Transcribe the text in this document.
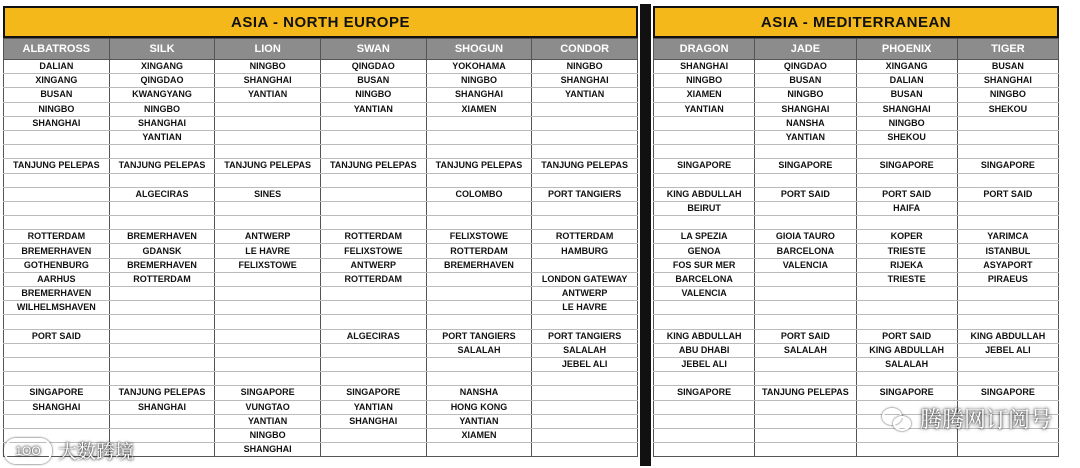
ASIA - NORTH EUROPE
ALBATROSS	SILK	LION	SWAN	SHOGUN	CONDOR
DALIAN	XINGANG	NINGBO	QINGDAO	YOKOHAMA	NINGBO
XINGANG	QINGDAO	SHANGHAI	BUSAN	NINGBO	SHANGHAI
BUSAN	KWANGYANG	YANTIAN	NINGBO	SHANGHAI	YANTIAN
NINGBO	NINGBO		YANTIAN	XIAMEN	
SHANGHAI	SHANGHAI				
	YANTIAN				

TANJUNG PELEPAS	TANJUNG PELEPAS	TANJUNG PELEPAS	TANJUNG PELEPAS	TANJUNG PELEPAS	TANJUNG PELEPAS

	ALGECIRAS	SINES		COLOMBO	PORT TANGIERS

ROTTERDAM	BREMERHAVEN	ANTWERP	ROTTERDAM	FELIXSTOWE	ROTTERDAM
BREMERHAVEN	GDANSK	LE HAVRE	FELIXSTOWE	ROTTERDAM	HAMBURG
GOTHENBURG	BREMERHAVEN	FELIXSTOWE	ANTWERP	BREMERHAVEN	
AARHUS	ROTTERDAM		ROTTERDAM		LONDON GATEWAY
BREMERHAVEN					ANTWERP
WILHELMSHAVEN					LE HAVRE

PORT SAID			ALGECIRAS	PORT TANGIERS	PORT TANGIERS
				SALALAH	SALALAH
					JEBEL ALI

SINGAPORE	TANJUNG PELEPAS	SINGAPORE	SINGAPORE	NANSHA	
SHANGHAI	SHANGHAI	VUNGTAO	YANTIAN	HONG KONG	
		YANTIAN	SHANGHAI	YANTIAN	
		NINGBO		XIAMEN	
		SHANGHAI			
ASIA - MEDITERRANEAN
DRAGON	JADE	PHOENIX	TIGER
SHANGHAI	QINGDAO	XINGANG	BUSAN
NINGBO	BUSAN	DALIAN	SHANGHAI
XIAMEN	NINGBO	BUSAN	NINGBO
YANTIAN	SHANGHAI	SHANGHAI	SHEKOU
	NANSHA	NINGBO	
	YANTIAN	SHEKOU	

SINGAPORE	SINGAPORE	SINGAPORE	SINGAPORE

KING ABDULLAH	PORT SAID	PORT SAID	PORT SAID
BEIRUT		HAIFA	

LA SPEZIA	GIOIA TAURO	KOPER	YARIMCA
GENOA	BARCELONA	TRIESTE	ISTANBUL
FOS SUR MER	VALENCIA	RIJEKA	ASYAPORT
BARCELONA		TRIESTE	PIRAEUS
VALENCIA			

KING ABDULLAH	PORT SAID	PORT SAID	KING ABDULLAH
ABU DHABI	SALALAH	KING ABDULLAH	JEBEL ALI
JEBEL ALI		SALALAH	

SINGAPORE	TANJUNG PELEPAS	SINGAPORE	SINGAPORE

1OO 大数跨境
腾腾网订阅号
